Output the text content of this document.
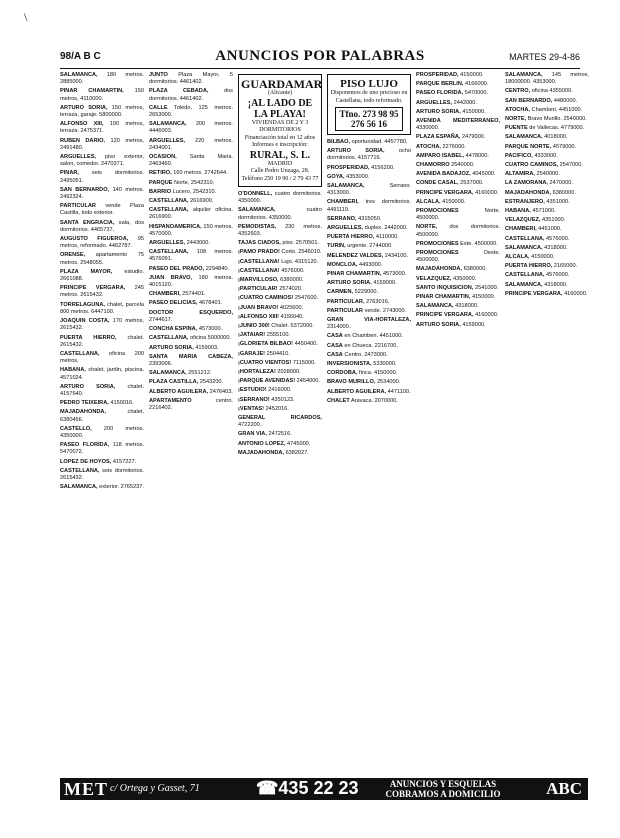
\
98/A B C	ANUNCIOS POR PALABRAS	MARTES 29-4-86
SALAMANCA, 180 metros. 2885000.
PINAR CHAMARTIN, 150 metros, 4110000.
ARTURO SORIA, 150 metros, terraza, garaje. 5800000.
ALFONSO XIII, 100 metros, terraza. 2475371.
RUBEN DARIO, 120 metros, 2491480.
ARGUELLES, piso exterior, salon, comedor. 2470371.
PINAR, seis dormitorios. 2495051.
SAN BERNARDO, 140 metros. 2492324.
PARTICULAR vende Plaza Castilla, todo exterior.
SANTA ENGRACIA, sala, dos dormitorios. 4465737.
AUGUSTO FIGUEROA, 95 metros, reformado. 4462787.
ORENSE, apartamento 75 metros. 2548055.
PLAZA MAYOR, estudio. 2661088.
PRINCIPE VERGARA, 245 metros. 2615432.
TORRELAGUNA, chalet, parcela 800 metros. 6447100.
JOAQUIN COSTA, 170 metros, 2615432.
PUERTA HIERRO, chalet. 2615432.
CASTELLANA, oficina 200 metros.
HABANA, chalet, jardin, piscina. 4571024.
ARTURO SORIA, chalet. 4157640.
PEDRO TEIXEIRA, 4150016.
MAJADAHONDA,	chalet. 6380456.
CASTELLO, 200 metros. 4350000.
PASEO FLORIDA, 118 metros. 5470072.
LOPEZ DE HOYOS, 4157227.
CASTELLANA, seis dormitorios. 2615432.
SALAMANCA, exterior. 2765237.
JUNTO Plaza Mayor, 5 dormitorios. 4461402.
PLAZA CEBADA,	dos dormitorios. 4461402.
CALLE Toledo, 125 metros. 2653000.
SALAMANCA, 200 metros. 4446003.
ARGUELLES, 220 metros. 2434001.
OCASION, Santa Maria. 2463460.
RETIRO, 160 metros. 2742644.
PARQUE Norte, 2542310.
BARRIO Lucero, 2542310.
CASTELLANA, 2616900.
CASTELLANA, alquiler oficina. 2616900.
HISPANOAMERICA, 150 metros. 4570000.
ARGUELLES, 2443000.
CASTELLANA, 108 metros. 4576091.
PASEO DEL PRADO, 2294840.
JUAN BRAVO, 180 metros. 4015120.
CHAMBERI, 2574401.
PASEO DELICIAS, 4678401.
DOCTOR ESQUERDO, 2744617.
CONCHA ESPINA, 4573000.
CASTELLANA, oficina 5000000.
ARTURO SORIA, 4159003.
SANTA MARIA CABEZA, 2393006.
SALAMANCA, 2551212.
PLAZA CASTILLA, 2543200.
ALBERTO AGUILERA, 2476403.
APARTAMENTO	centro. 2216402.
GUARDAMAR
(Alicante)
¡AL LADO DE LA PLAYA!
VIVIENDAS DE 2 Y 3 DORMITORIOS
Financiación total en 12 años
Informes e inscripción:
RURAL, S. L.
MADRID
Calle Pedro Unzaga, 28. Teléfono 250 19 90 / 2 79 43 77
O'DONNELL, cuatro dormitorios. 4350000.
SALAMANCA,	cuatro dormitorios. 4350000.
PEMODISTAS, 230 metros. 4352603.
TAJAS CIADOS, piso. 2570501.
¡PAMO PRADO! Corto. 2546010.
¡CASTELLANA! Lujo. 4315120.
¡CASTELLANA! 4576000.
¡MARVILLOSO, 6380000.
¡PARTICULAR! 2574020.
¡CUATRO CAMINOS! 2547600.
¡JUAN BRAVO! 4025600.
¡ALFONSO XIII! 4156040.
¡JUNIO 300! Chalet. 6372000.
¡JATAIAR! 2555100.
¡GLORIETA BILBAO! 4450400.
¡GARAJE! 2504410.
¡CUATRO VIENTOS! 7115000.
¡HORTALEZA! 2028000.
¡PARQUE AVENIDAS! 2454000.
¡ESTUDIO! 2416000.
¡SERRANO! 4350123.
¡VENTAS! 2452016.
GENERAL RICARDOS, 4722200.
GRAN VIA, 2472516.
ANTONIO LOPEZ, 4745000.
MAJADAHONDA, 6382027.
PISO LUJO
Disponemos de uno precioso en Castellana, todo reformado.
Tfno. 273 98 95
276 56 16
BILBAO, oportunidad. 4457780.
ARTURO SORIA,	ocho dormitorios. 4157716.
PROSPERIDAD, 4156200.
GOYA, 4353000.
SALAMANCA,	Serrano. 4313000.
CHAMBERI, tres dormitorios. 4491119.
SERRANO, 4315050.
ARGUELLES, duplex. 2442000.
PUERTA HIERRO, 4110000.
TURIN, urgente. 2744000.
MELENDEZ VALDES, 2434100.
MONCLOA, 4493000.
PINAR CHAMARTIN, 4573000.
ARTURO SORIA, 4159000.
CARMEN, 5229000.
PARTICULAR, 2763016.
PARTICULAR vende. 2743000.
GRAN VIA-HORTALEZA, 2314000.
CASA en Chamberi. 4451000.
CASA en Chueca. 2216700.
CASA Centro. 2473000.
INVERSIONISTA, 5330000.
CORDOBA, finca. 4150000.
BRAVO MURILLO, 2534000.
ALBERTO AGUILERA, 4471100.
CHALET Aravaca. 2070000.
PROSPERIDAD, 4150000.
PARQUE BERLIN, 4166000.
PASEO FLORIDA, 5470000.
ARGUELLES, 2442000.
ARTURO SORIA, 4150000.
AVENIDA MEDITERRANEO, 4330000.
PLAZA ESPAÑA, 2479000.
ATOCHA, 2276000.
AMPARO ISABEL, 4478000.
CHAMORRO 2540000.
AVENIDA BADAJOZ, 4045000.
CONDE CASAL, 2537000.
PRINCIPE VERGARA, 4160000.
ALCALA, 4150000.
PROMOCIONES	Norte. 4500000.
NORTE, dos dormitorios. 4500000.
PROMOCIONES Este. 4500000.
PROMOCIONES	Oeste. 4500000.
MAJADAHONDA, 6380000.
VELAZQUEZ, 4350000.
SANTO INQUISICION, 2541000.
PINAR CHAMARTIN, 4150000.
SALAMANCA, 4318000.
PRINCIPE VERGARA, 4160000.
ARTURO SORIA, 4159000.
SALAMANCA, 145 metros, 18000000. 4353000.
CENTRO, oficina 4355000.
SAN BERNARDO, 4480000.
ATOCHA, Chamberi. 4451000.
NORTE, Bravo Murillo. 2540000.
PUENTE de Vallecas. 4779000.
SALAMANCA, 4018000.
PARQUE NORTE, 4579000.
PACIFICO, 4333000.
CUATRO CAMINOS, 2547000.
ALTAMIRA, 2540000.
LA ZAMORANA, 2470000.
MAJADAHONDA, 6380000.
ESTRANJERO, 4351000.
HABANA, 4571000.
VELAZQUEZ, 4351000.
CHAMBERI, 4451000.
CASTELLANA, 4576000.
SALAMANCA, 4318000.
ALCALA, 4150000.
PUERTA HIERRO, 2165000.
CASTELLANA, 4576000.
SALAMANCA, 4318000.
PRINCIPE VERGARA, 4160000.
MET c/ Ortega y Gasset, 71	☎435 22 23	ANUNCIOS Y ESQUELAS
COBRAMOS A DOMICILIO	ABC
